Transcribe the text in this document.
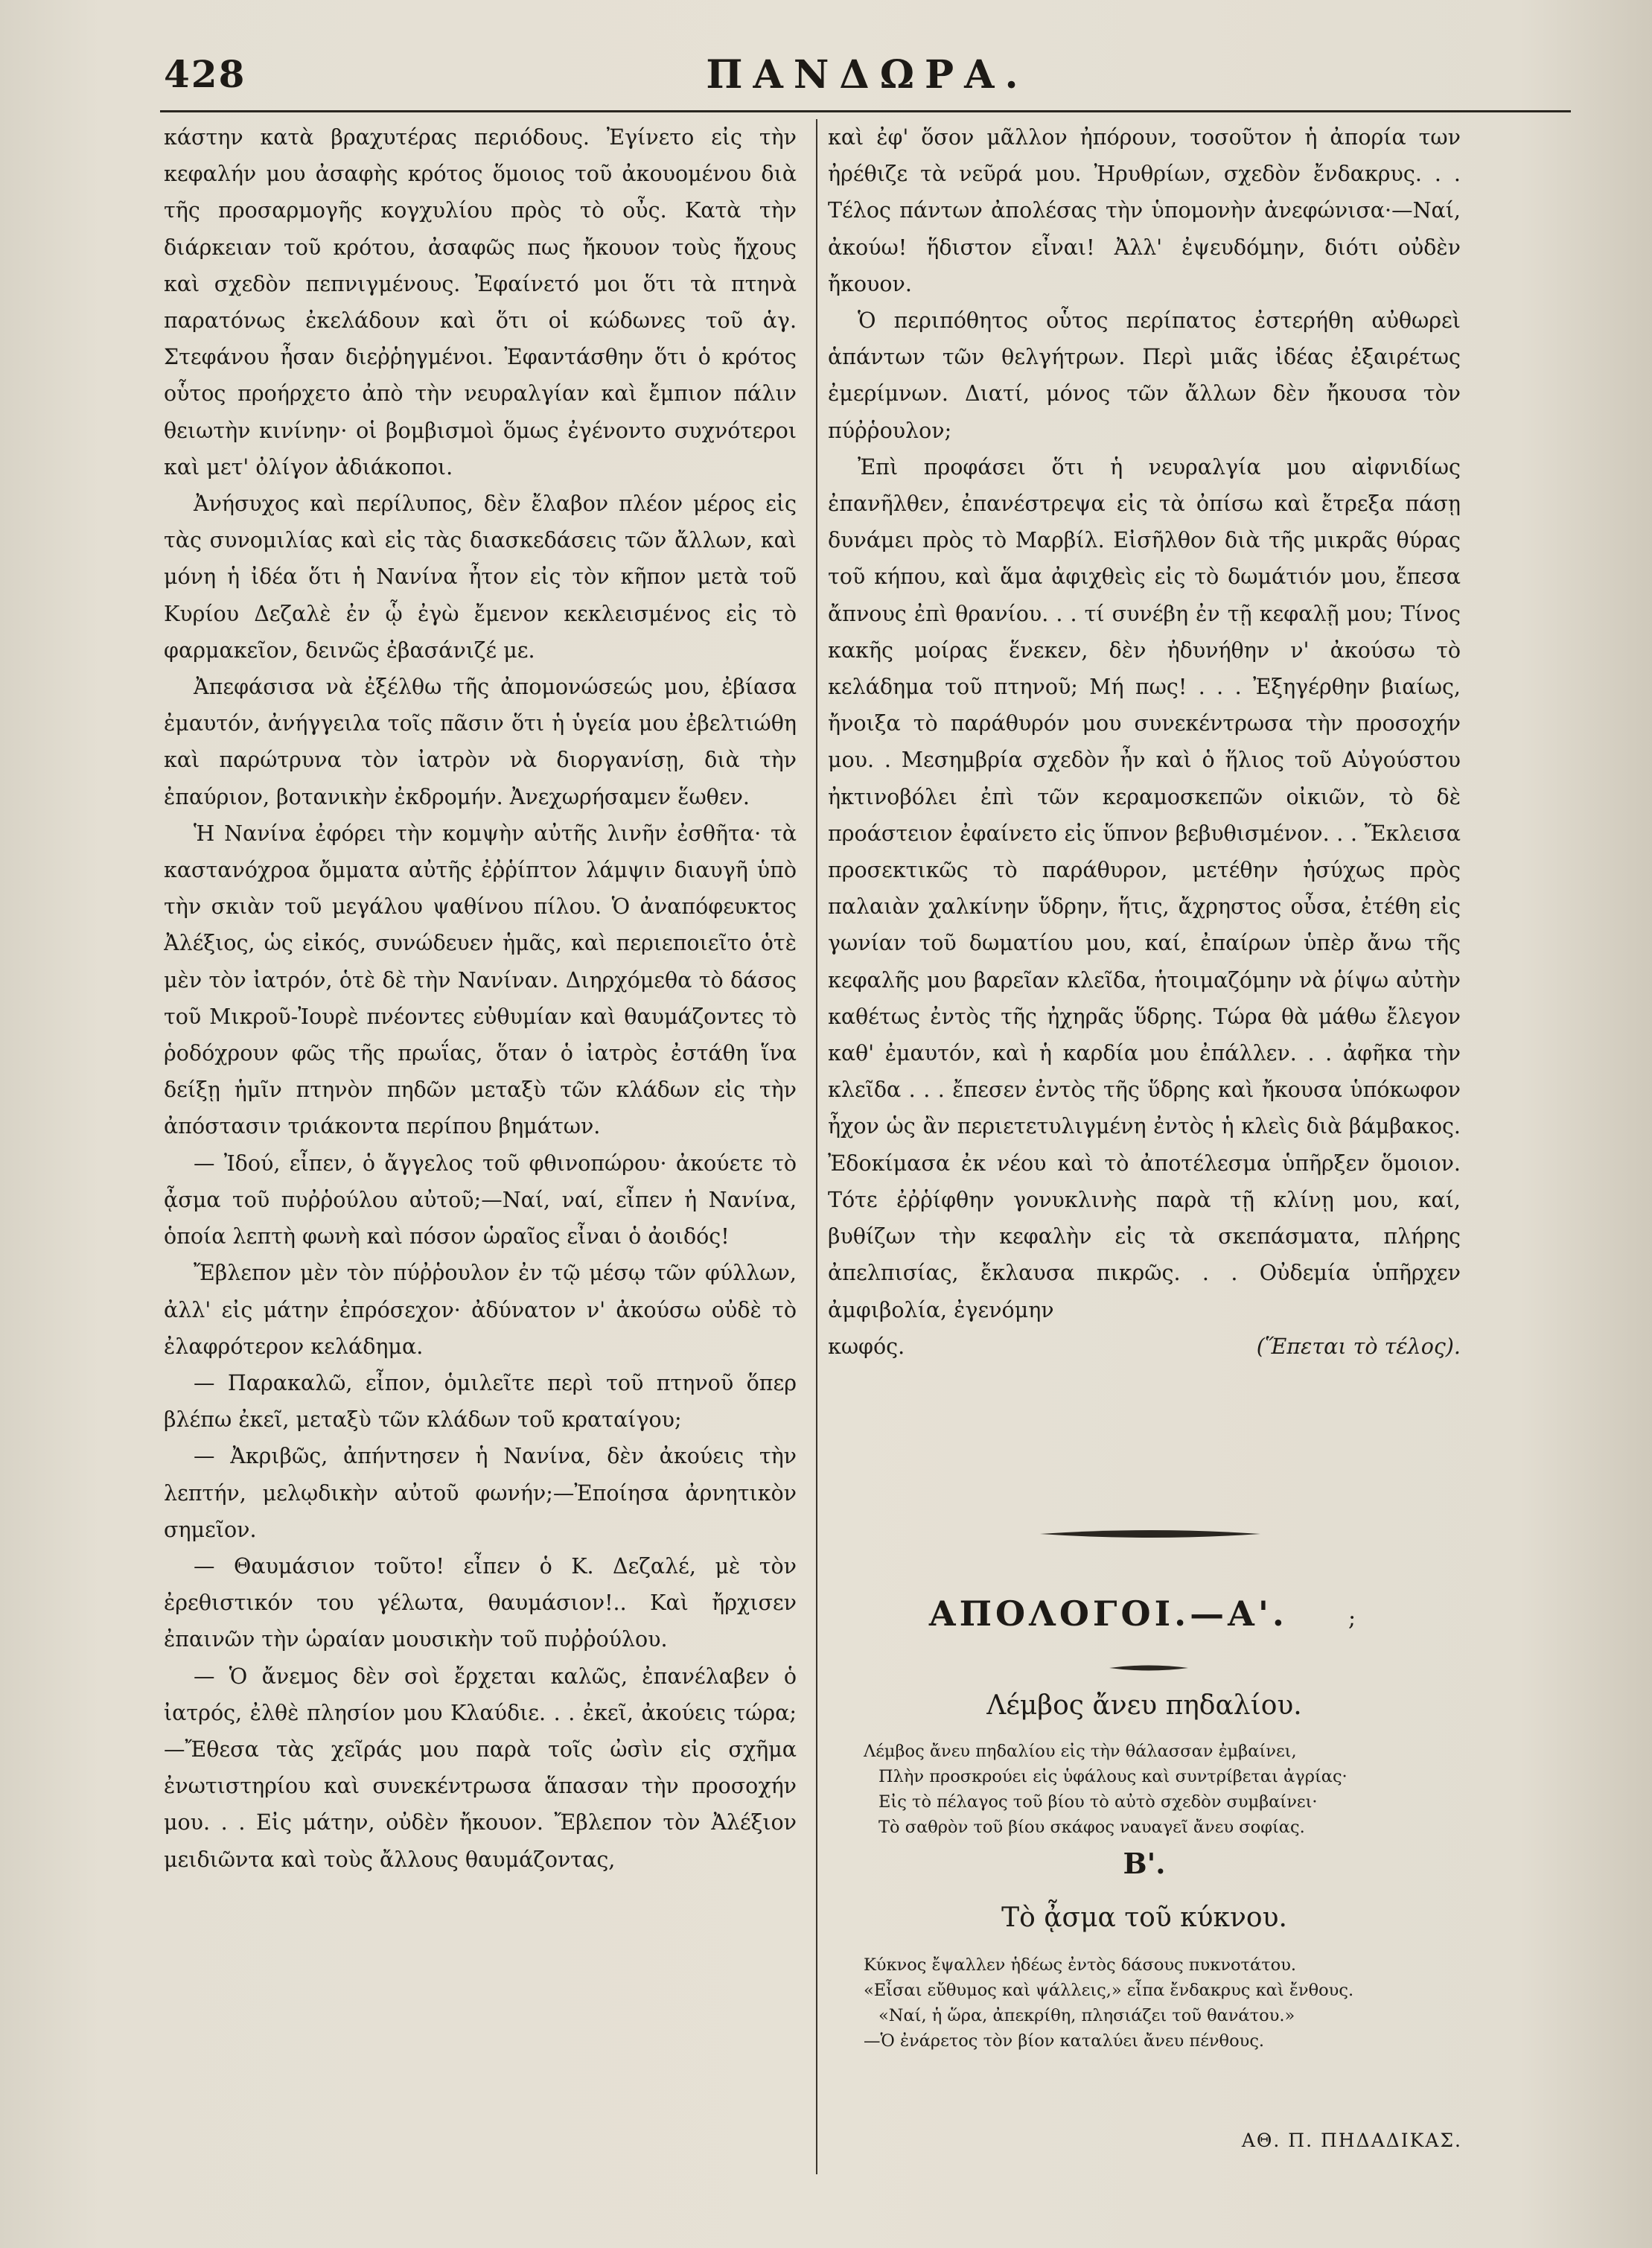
428	ΠΑΝΔΩΡΑ.

κάστην κατὰ βραχυτέρας περιόδους. Ἐγίνετο εἰς τὴν κεφαλήν μου ἀσαφὴς κρότος ὅμοιος τοῦ ἀκουομένου διὰ τῆς προσαρμογῆς κογχυλίου πρὸς τὸ οὖς. Κατὰ τὴν διάρκειαν τοῦ κρότου, ἀσαφῶς πως ἤκουον τοὺς ἤχους καὶ σχεδὸν πεπνιγμένους. Ἐφαίνετό μοι ὅτι τὰ πτηνὰ παρατόνως ἐκελάδουν καὶ ὅτι οἱ κώδωνες τοῦ ἁγ. Στεφάνου ἦσαν διεῤῥηγμένοι. Ἐφαντάσθην ὅτι ὁ κρότος οὗτος προήρχετο ἀπὸ τὴν νευραλγίαν καὶ ἔμπιον πάλιν θειωτὴν κινίνην· οἱ βομβισμοὶ ὅμως ἐγένοντο συχνότεροι καὶ μετ' ὀλίγον ἀδιάκοποι.

Ἀνήσυχος καὶ περίλυπος, δὲν ἔλαβον πλέον μέρος εἰς τὰς συνομιλίας καὶ εἰς τὰς διασκεδάσεις τῶν ἄλλων, καὶ μόνη ἡ ἰδέα ὅτι ἡ Νανίνα ἦτον εἰς τὸν κῆπον μετὰ τοῦ Κυρίου Δεζαλὲ ἐν ᾧ ἐγὼ ἔμενον κεκλεισμένος εἰς τὸ φαρμακεῖον, δεινῶς ἐβασάνιζέ με.

Ἀπεφάσισα νὰ ἐξέλθω τῆς ἀπομονώσεώς μου, ἐβίασα ἐμαυτόν, ἀνήγγειλα τοῖς πᾶσιν ὅτι ἡ ὑγεία μου ἐβελτιώθη καὶ παρώτρυνα τὸν ἰατρὸν νὰ διοργανίσῃ, διὰ τὴν ἐπαύριον, βοτανικὴν ἐκδρομήν. Ἀνεχωρήσαμεν ἕωθεν.

Ἡ Νανίνα ἐφόρει τὴν κομψὴν αὐτῆς λινῆν ἐσθῆτα· τὰ καστανόχροα ὄμματα αὐτῆς ἐῤῥίπτον λάμψιν διαυγῆ ὑπὸ τὴν σκιὰν τοῦ μεγάλου ψαθίνου πίλου. Ὁ ἀναπόφευκτος Ἀλέξιος, ὡς εἰκός, συνώδευεν ἡμᾶς, καὶ περιεποιεῖτο ὁτὲ μὲν τὸν ἰατρόν, ὁτὲ δὲ τὴν Νανίναν. Διηρχόμεθα τὸ δάσος τοῦ Μικροῦ-Ἰουρὲ πνέοντες εὐθυμίαν καὶ θαυμάζοντες τὸ ῥοδόχρουν φῶς τῆς πρωΐας, ὅταν ὁ ἰατρὸς ἐστάθη ἵνα δείξῃ ἡμῖν πτηνὸν πηδῶν μεταξὺ τῶν κλάδων εἰς τὴν ἀπόστασιν τριάκοντα περίπου βημάτων.

— Ἰδού, εἶπεν, ὁ ἄγγελος τοῦ φθινοπώρου· ἀκούετε τὸ ᾆσμα τοῦ πυῤῥούλου αὐτοῦ;—Ναί, ναί, εἶπεν ἡ Νανίνα, ὁποία λεπτὴ φωνὴ καὶ πόσον ὡραῖος εἶναι ὁ ἀοιδός!

Ἔβλεπον μὲν τὸν πύῤῥουλον ἐν τῷ μέσῳ τῶν φύλλων, ἀλλ' εἰς μάτην ἐπρόσεχον· ἀδύνατον ν' ἀκούσω οὐδὲ τὸ ἐλαφρότερον κελάδημα.

— Παρακαλῶ, εἶπον, ὁμιλεῖτε περὶ τοῦ πτηνοῦ ὅπερ βλέπω ἐκεῖ, μεταξὺ τῶν κλάδων τοῦ κραταίγου;

— Ἀκριβῶς, ἀπήντησεν ἡ Νανίνα, δὲν ἀκούεις τὴν λεπτήν, μελῳδικὴν αὐτοῦ φωνήν;—Ἐποίησα ἀρνητικὸν σημεῖον.

— Θαυμάσιον τοῦτο! εἶπεν ὁ Κ. Δεζαλέ, μὲ τὸν ἐρεθιστικόν του γέλωτα, θαυμάσιον!.. Καὶ ἤρχισεν ἐπαινῶν τὴν ὡραίαν μουσικὴν τοῦ πυῤῥούλου.

— Ὁ ἄνεμος δὲν σοὶ ἔρχεται καλῶς, ἐπανέλαβεν ὁ ἰατρός, ἐλθὲ πλησίον μου Κλαύδιε. . . ἐκεῖ, ἀκούεις τώρα;—Ἔθεσα τὰς χεῖράς μου παρὰ τοῖς ὠσὶν εἰς σχῆμα ἐνωτιστηρίου καὶ συνεκέντρωσα ἅπασαν τὴν προσοχήν μου. . . Εἰς μάτην, οὐδὲν ἤκουον. Ἔβλεπον τὸν Ἀλέξιον μειδιῶντα καὶ τοὺς ἄλλους θαυμάζοντας,

καὶ ἐφ' ὅσον μᾶλλον ἠπόρουν, τοσοῦτον ἡ ἀπορία των ἠρέθιζε τὰ νεῦρά μου. Ἠρυθρίων, σχεδὸν ἔνδακρυς. . . Τέλος πάντων ἀπολέσας τὴν ὑπομονὴν ἀνεφώνισα·—Ναί, ἀκούω! ἥδιστον εἶναι! Ἀλλ' ἐψευδόμην, διότι οὐδὲν ἤκουον.

Ὁ περιπόθητος οὗτος περίπατος ἐστερήθη αὐθωρεὶ ἁπάντων τῶν θελγήτρων. Περὶ μιᾶς ἰδέας ἐξαιρέτως ἐμερίμνων. Διατί, μόνος τῶν ἄλλων δὲν ἤκουσα τὸν πύῤῥουλον;

Ἐπὶ προφάσει ὅτι ἡ νευραλγία μου αἰφνιδίως ἐπανῆλθεν, ἐπανέστρεψα εἰς τὰ ὀπίσω καὶ ἔτρεξα πάσῃ δυνάμει πρὸς τὸ Μαρβίλ. Εἰσῆλθον διὰ τῆς μικρᾶς θύρας τοῦ κήπου, καὶ ἅμα ἀφιχθεὶς εἰς τὸ δωμάτιόν μου, ἔπεσα ἄπνους ἐπὶ θρανίου. . . τί συνέβη ἐν τῇ κεφαλῇ μου; Τίνος κακῆς μοίρας ἕνεκεν, δὲν ἠδυνήθην ν' ἀκούσω τὸ κελάδημα τοῦ πτηνοῦ; Μή πως! . . . Ἐξηγέρθην βιαίως, ἤνοιξα τὸ παράθυρόν μου συνεκέντρωσα τὴν προσοχήν μου. . Μεσημβρία σχεδὸν ἦν καὶ ὁ ἥλιος τοῦ Αὐγούστου ἠκτινοβόλει ἐπὶ τῶν κεραμοσκεπῶν οἰκιῶν, τὸ δὲ προάστειον ἐφαίνετο εἰς ὕπνον βεβυθισμένον. . . Ἔκλεισα προσεκτικῶς τὸ παράθυρον, μετέθην ἡσύχως πρὸς παλαιὰν χαλκίνην ὕδρην, ἥτις, ἄχρηστος οὖσα, ἐτέθη εἰς γωνίαν τοῦ δωματίου μου, καί, ἐπαίρων ὑπὲρ ἄνω τῆς κεφαλῆς μου βαρεῖαν κλεῖδα, ἡτοιμαζόμην νὰ ῥίψω αὐτὴν καθέτως ἐντὸς τῆς ἠχηρᾶς ὕδρης. Τώρα θὰ μάθω ἔλεγον καθ' ἐμαυτόν, καὶ ἡ καρδία μου ἐπάλλεν. . . ἀφῆκα τὴν κλεῖδα . . . ἔπεσεν ἐντὸς τῆς ὕδρης καὶ ἤκουσα ὑπόκωφον ἦχον ὡς ἂν περιετετυλιγμένη ἐντὸς ἡ κλεὶς διὰ βάμβακος. Ἐδοκίμασα ἐκ νέου καὶ τὸ ἀποτέλεσμα ὑπῆρξεν ὅμοιον. Τότε ἐῤῥίφθην γονυκλινὴς παρὰ τῇ κλίνῃ μου, καί, βυθίζων τὴν κεφαλὴν εἰς τὰ σκεπάσματα, πλήρης ἀπελπισίας, ἔκλαυσα πικρῶς. . . Οὐδεμία ὑπῆρχεν ἀμφιβολία, ἐγενόμην

κωφός.	(Ἕπεται τὸ τέλος).
ΑΠΟΛΟΓΟΙ.—Α'.	;
Λέμβος ἄνευ πηδαλίου.
Λέμβος ἄνευ πηδαλίου εἰς τὴν θάλασσαν ἐμβαίνει,
Πλὴν προσκρούει εἰς ὑφάλους καὶ συντρίβεται ἀγρίας·
Εἰς τὸ πέλαγος τοῦ βίου τὸ αὐτὸ σχεδὸν συμβαίνει·
Τὸ σαθρὸν τοῦ βίου σκάφος ναυαγεῖ ἄνευ σοφίας.
Β'.
Τὸ ᾆσμα τοῦ κύκνου.
Κύκνος ἔψαλλεν ἡδέως ἐντὸς δάσους πυκνοτάτου.
«Εἶσαι εὔθυμος καὶ ψάλλεις,» εἶπα ἔνδακρυς καὶ ἔνθους.
«Ναί, ἡ ὥρα, ἀπεκρίθη, πλησιάζει τοῦ θανάτου.»
—Ὁ ἐνάρετος τὸν βίον καταλύει ἄνευ πένθους.
ΑΘ. Π. ΠΗΔΑΔΙΚΑΣ.
